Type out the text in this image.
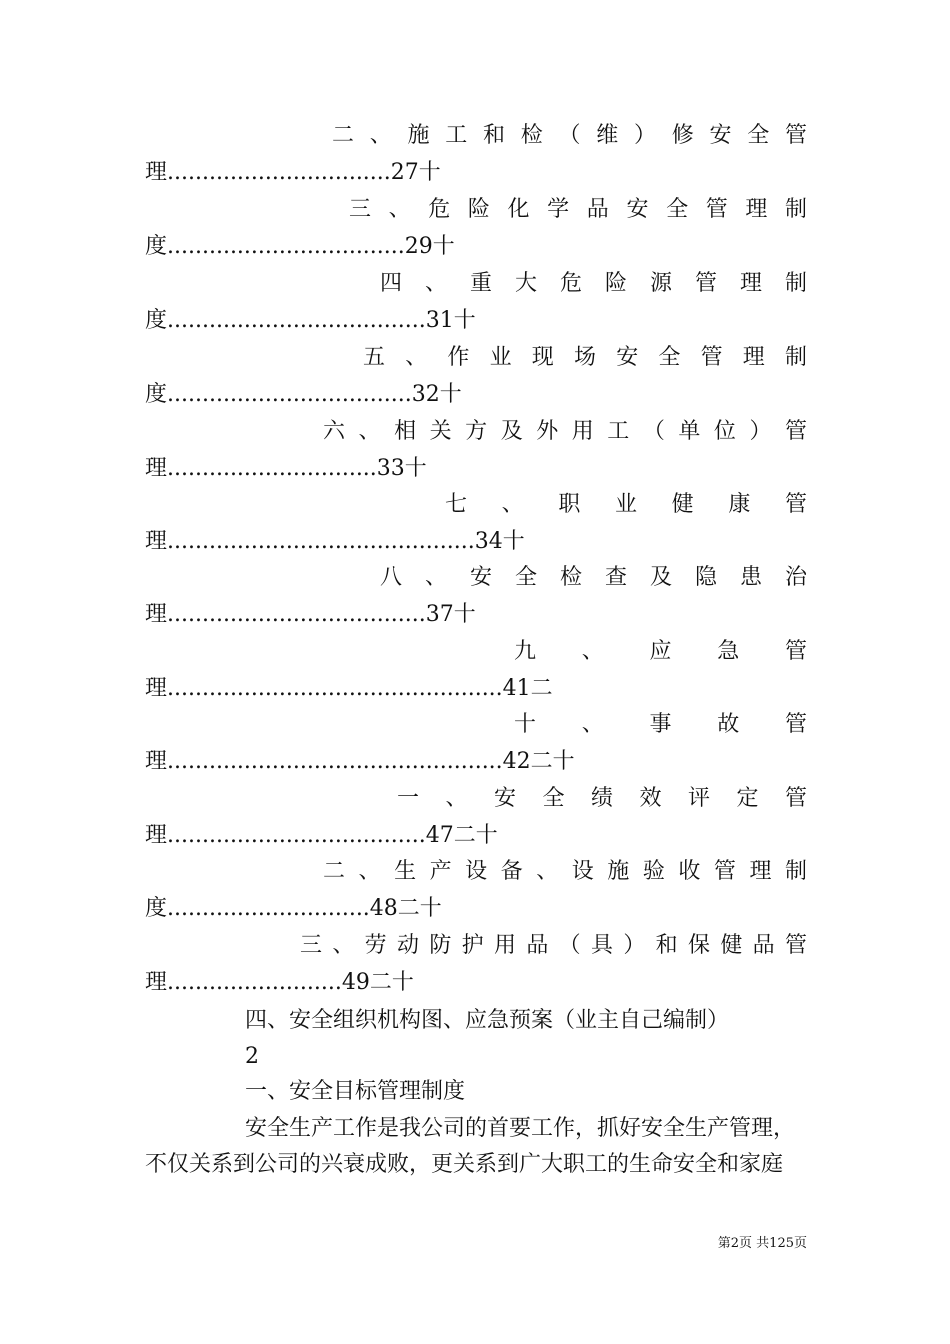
二 、 施 工 和 检 （ 维 ） 修 安 全 管
理................................27十
三 、 危 险 化 学 品 安 全 管 理 制
度..................................29十
四 、 重 大 危 险 源 管 理 制
度.....................................31十
五 、 作 业 现 场 安 全 管 理 制
度...................................32十
六 、 相 关 方 及 外 用 工 （ 单 位 ） 管
理..............................33十
七 、 职 业 健 康 管
理............................................34十
八 、 安 全 检 查 及 隐 患 治
理.....................................37十
九 、 应 急 管
理................................................41二
十 、 事 故 管
理................................................42二十
一 、 安 全 绩 效 评 定 管
理.....................................47二十
二 、 生 产 设 备 、 设 施 验 收 管 理 制
度.............................48二十
三 、 劳 动 防 护 用 品 （ 具 ） 和 保 健 品 管
理.........................49二十
四、安全组织机构图、应急预案（业主自己编制）
2
一、安全目标管理制度
安全生产工作是我公司的首要工作，抓好安全生产管理，
不仅关系到公司的兴衰成败，更关系到广大职工的生命安全和家庭
第2页 共125页
